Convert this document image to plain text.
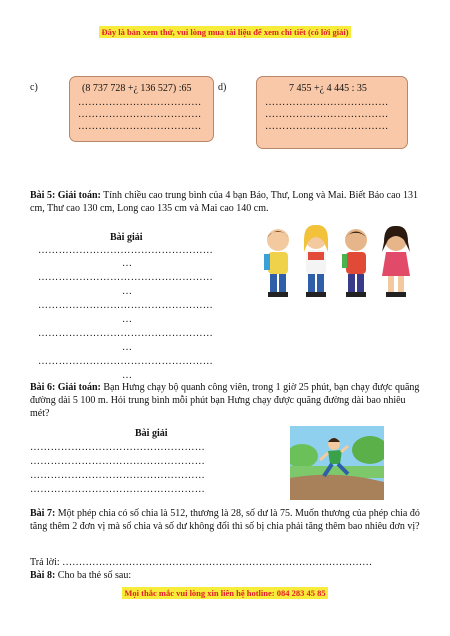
Đây là bản xem thử, vui lòng mua tài liệu để xem chi tiết (có lời giải)
c)	(8 737 728 +¿ 136 527) :65
………………………………
………………………………
………………………………
d)	7 455 +¿ 4 445 : 35
………………………………
………………………………
………………………………
Bài 5: Giải toán: Tính chiều cao trung bình của 4 bạn Bảo, Thư, Long và Mai. Biết Bảo cao 131 cm, Thư cao 130 cm, Long cao 135 cm và Mai cao 140 cm.
Bài giải
……………………………………………
…
……………………………………………
…
……………………………………………
…
……………………………………………
…
……………………………………………
…
Bài 6: Giải toán: Bạn Hưng chạy bộ quanh công viên, trong 1 giờ 25 phút, bạn chạy được quãng đường dài 5 100 m. Hỏi trung bình mỗi phút bạn Hưng chạy được quãng đường dài bao nhiêu mét?
Bài giải
……………………………………………
……………………………………………
……………………………………………
……………………………………………
Bài 7: Một phép chia có số chia là 512, thương là 28, số dư là 75. Muốn thương của phép chia đó tăng thêm 2 đơn vị mà số chia và số dư không đổi thì số bị chia phải tăng thêm bao nhiêu đơn vị?
Trả lời: …………………………………………………………………………………
Bài 8: Cho ba thẻ số sau:
Mọi thắc mắc vui lòng xin liên hệ hotline: 084 283 45 85
